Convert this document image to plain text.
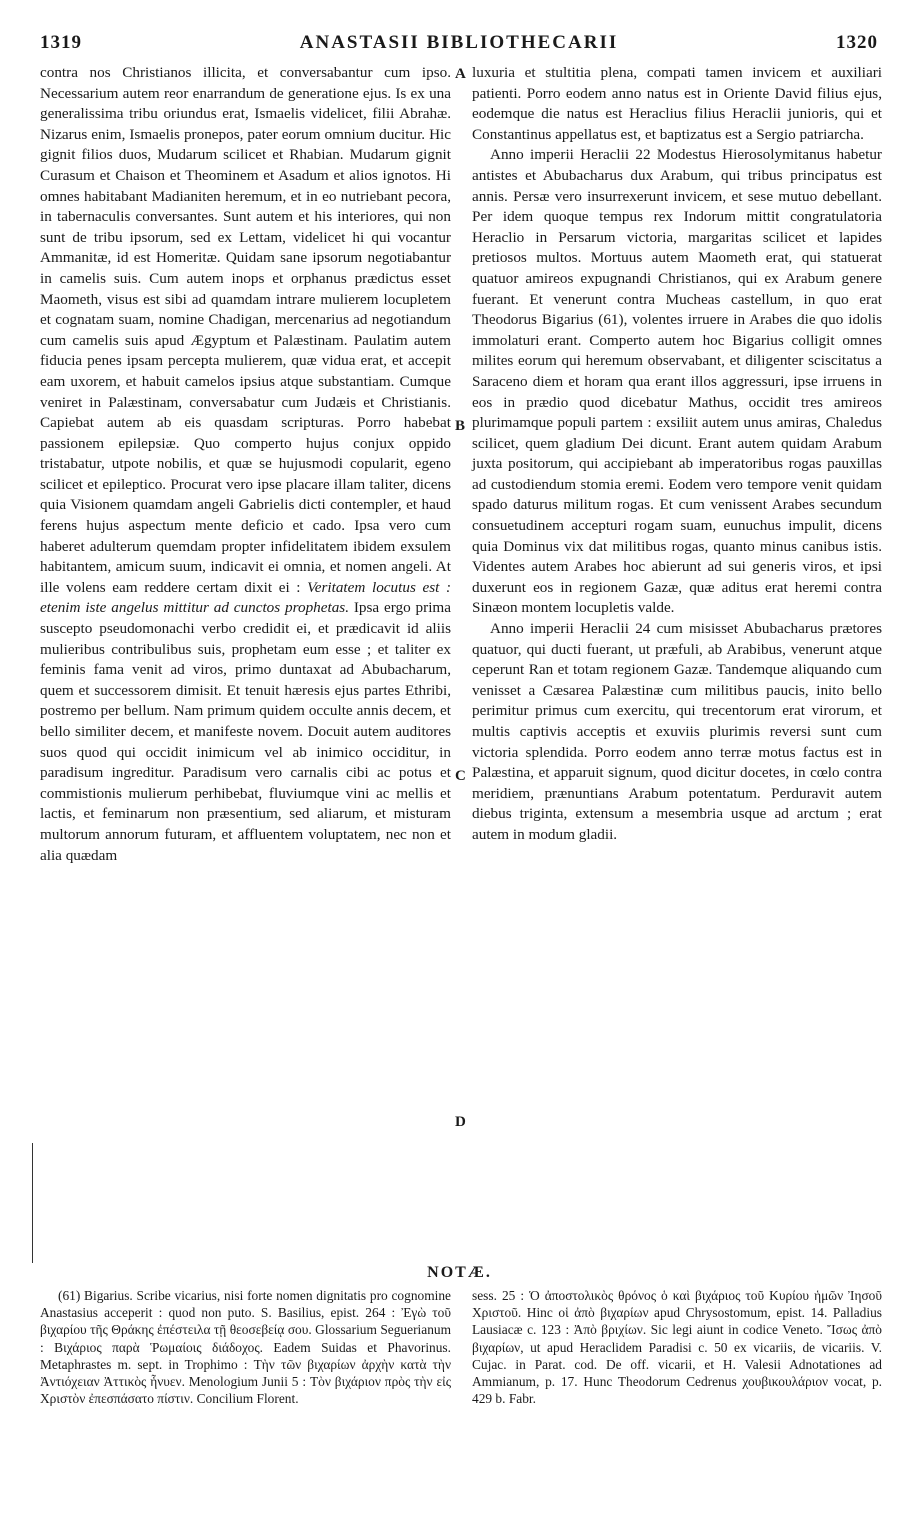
1319	ANASTASII BIBLIOTHECARII	1320

contra nos Christianos illicita, et conversabantur cum ipso. Necessarium autem reor enarrandum de generatione ejus. Is ex una generalissima tribu oriundus erat, Ismaelis videlicet, filii Abrahæ. Nizarus enim, Ismaelis pronepos, pater eorum omnium ducitur. Hic gignit filios duos, Mudarum scilicet et Rhabian. Mudarum gignit Curasum et Chaison et Theominem et Asadum et alios ignotos. Hi omnes habitabant Madianiten heremum, et in eo nutriebant pecora, in tabernaculis conversantes. Sunt autem et his interiores, qui non sunt de tribu ipsorum, sed ex Lettam, videlicet hi qui vocantur Ammanitæ, id est Homeritæ. Quidam sane ipsorum negotiabantur in camelis suis. Cum autem inops et orphanus prædictus esset Maometh, visus est sibi ad quamdam intrare mulierem locupletem et cognatam suam, nomine Chadigan, mercenarius ad negotiandum cum camelis suis apud Ægyptum et Palæstinam. Paulatim autem fiducia penes ipsam percepta mulierem, quæ vidua erat, et accepit eam uxorem, et habuit camelos ipsius atque substantiam. Cumque veniret in Palæstinam, conversabatur cum Judæis et Christianis. Capiebat autem ab eis quasdam scripturas. Porro habebat passionem epilepsiæ. Quo comperto hujus conjux oppido tristabatur, utpote nobilis, et quæ se hujusmodi copularit, egeno scilicet et epileptico. Procurat vero ipse placare illam taliter, dicens quia Visionem quamdam angeli Gabrielis dicti contempler, et haud ferens hujus aspectum mente deficio et cado. Ipsa vero cum haberet adulterum quemdam propter infidelitatem ibidem exsulem habitantem, amicum suum, indicavit ei omnia, et nomen angeli. At ille volens eam reddere certam dixit ei : Veritatem locutus est : etenim iste angelus mittitur ad cunctos prophetas. Ipsa ergo prima suscepto pseudomonachi verbo credidit ei, et prædicavit id aliis mulieribus contribulibus suis, prophetam eum esse ; et taliter ex feminis fama venit ad viros, primo duntaxat ad Abubacharum, quem et successorem dimisit. Et tenuit hæresis ejus partes Ethribi, postremo per bellum. Nam primum quidem occulte annis decem, et bello similiter decem, et manifeste novem. Docuit autem auditores suos quod qui occidit inimicum vel ab inimico occiditur, in paradisum ingreditur. Paradisum vero carnalis cibi ac potus et commistionis mulierum perhibebat, fluviumque vini ac mellis et lactis, et feminarum non præsentium, sed aliarum, et misturam multorum annorum futuram, et affluentem voluptatem, nec non et alia quædam

A
B
C
D

luxuria et stultitia plena, compati tamen invicem et auxiliari patienti. Porro eodem anno natus est in Oriente David filius ejus, eodemque die natus est Heraclius filius Heraclii junioris, qui et Constantinus appellatus est, et baptizatus est a Sergio patriarcha.

Anno imperii Heraclii 22 Modestus Hierosolymitanus habetur antistes et Abubacharus dux Arabum, qui tribus principatus est annis. Persæ vero insurrexerunt invicem, et sese mutuo debellant. Per idem quoque tempus rex Indorum mittit congratulatoria Heraclio in Persarum victoria, margaritas scilicet et lapides pretiosos multos. Mortuus autem Maometh erat, qui statuerat quatuor amireos expugnandi Christianos, qui ex Arabum genere fuerant. Et venerunt contra Mucheas castellum, in quo erat Theodorus Bigarius (61), volentes irruere in Arabes die quo idolis immolaturi erant. Comperto autem hoc Bigarius colligit omnes milites eorum qui heremum observabant, et diligenter sciscitatus a Saraceno diem et horam qua erant illos aggressuri, ipse irruens in eos in prædio quod dicebatur Mathus, occidit tres amireos plurimamque populi partem : exsiliit autem unus amiras, Chaledus scilicet, quem gladium Dei dicunt. Erant autem quidam Arabum juxta positorum, qui accipiebant ab imperatoribus rogas pauxillas ad custodiendum stomia eremi. Eodem vero tempore venit quidam spado daturus militum rogas. Et cum venissent Arabes secundum consuetudinem accepturi rogam suam, eunuchus impulit, dicens quia Dominus vix dat militibus rogas, quanto minus canibus istis. Videntes autem Arabes hoc abierunt ad sui generis viros, et ipsi duxerunt eos in regionem Gazæ, quæ aditus erat heremi contra Sinæon montem locupletis valde.

Anno imperii Heraclii 24 cum misisset Abubacharus prætores quatuor, qui ducti fuerant, ut præfuli, ab Arabibus, venerunt atque ceperunt Ran et totam regionem Gazæ. Tandemque aliquando cum venisset a Cæsarea Palæstinæ cum militibus paucis, inito bello perimitur primus cum exercitu, qui trecentorum erat virorum, et multis captivis acceptis et exuviis plurimis reversi sunt cum victoria splendida. Porro eodem anno terræ motus factus est in Palæstina, et apparuit signum, quod dicitur docetes, in cœlo contra meridiem, prænuntians Arabum potentatum. Perduravit autem diebus triginta, extensum a mesembria usque ad arctum ; erat autem in modum gladii.

NOTÆ.
(61) Bigarius. Scribe vicarius, nisi forte nomen dignitatis pro cognomine Anastasius acceperit : quod non puto. S. Basilius, epist. 264 : Ἐγὼ τοῦ βιχαρίου τῆς Θράκης ἐπέστειλα τῇ θεοσεβείᾳ σου. Glossarium Seguerianum : Βιχάριος παρὰ Ῥωμαίοις διάδοχος. Eadem Suidas et Phavorinus. Metaphrastes m. sept. in Trophimo : Τὴν τῶν βιχαρίων ἀρχὴν κατὰ τὴν Ἀντιόχειαν Ἀττικὸς ἦνυεν. Menologium Junii 5 : Τὸν βιχάριον πρὸς τὴν εἰς Χριστὸν ἐπεσπάσατο πίστιν. Concilium Florent.
sess. 25 : Ὁ ἀποστολικὸς θρόνος ὁ καὶ βιχάριος τοῦ Κυρίου ἡμῶν Ἰησοῦ Χριστοῦ. Hinc οἱ ἀπὸ βιχαρίων apud Chrysostomum, epist. 14. Palladius Lausiacæ c. 123 : Ἀπὸ βριχίων. Sic legi aiunt in codice Veneto. Ἴσως ἀπὸ βιχαρίων, ut apud Heraclidem Paradisi c. 50 ex vicariis, de vicariis. V. Cujac. in Parat. cod. De off. vicarii, et H. Valesii Adnotationes ad Ammianum, p. 17. Hunc Theodorum Cedrenus χουβικουλάριον vocat, p. 429 b. Fabr.
